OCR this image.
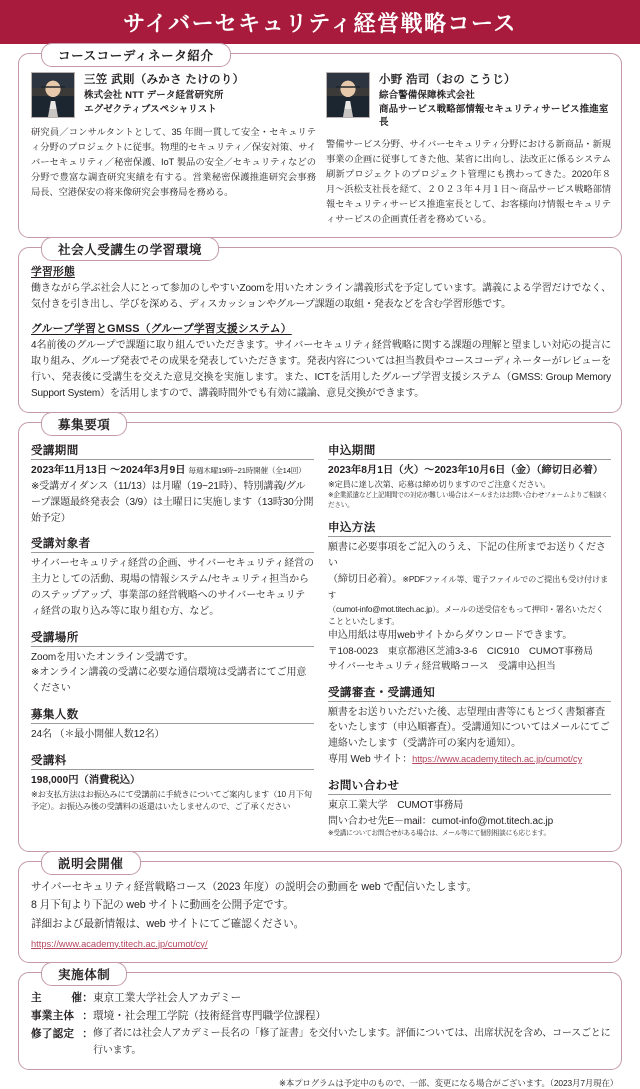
サイバーセキュリティ経営戦略コース
コースコーディネータ紹介
三笠 武則（みかさ たけのり）
株式会社 NTT データ経営研究所
エグゼクティブスペシャリスト
研究員／コンサルタントとして、35 年間一貫して安全・セキュリティ分野のプロジェクトに従事。物理的セキュリティ／保安対策、サイバーセキュリティ／秘密保護、IoT 製品の安全／セキュリティなどの分野で豊富な調査研究実績を有する。営業秘密保護推進研究会事務局長、空港保安の将来像研究会事務局を務める。
小野 浩司（おの こうじ）
綜合警備保障株式会社
商品サービス戦略部情報セキュリティサービス推進室長
警備サービス分野、サイバーセキュリティ分野における新商品・新規事業の企画に従事してきた他、某省に出向し、法改正に係るシステム刷新プロジェクトのプロジェクト管理にも携わってきた。2020年８月〜浜松支社長を経て、２０２３年４月１日〜商品サービス戦略部情報セキュリティサービス推進室長として、お客様向け情報セキュリティサービスの企画責任者を務めている。
社会人受講生の学習環境
学習形態
働きながら学ぶ社会人にとって参加のしやすいZoomを用いたオンライン講義形式を予定しています。講義による学習だけでなく、気付きを引き出し、学びを深める、ディスカッションやグループ課題の取組・発表などを含む学習形態です。
グループ学習とGMSS（グループ学習支援システム）
4名前後のグループで課題に取り組んでいただきます。サイバーセキュリティ経営戦略に関する課題の理解と望ましい対応の提言に取り組み、グループ発表でその成果を発表していただきます。発表内容については担当教員やコースコーディネーターがレビューを行い、発表後に受講生を交えた意見交換を実施します。また、ICTを活用したグループ学習支援システム（GMSS: Group Memory Support System）を活用しますので、講義時間外でも有効に議論、意見交換ができます。
募集要項
受講期間
2023年11月13日 ～2024年3月9日 毎週木曜19時~21時開催（全14回）
※受講ガイダンス（11/13）は月曜（19~21時）、特別講義/グループ課題最終発表会（3/9）は土曜日に実施します（13時30分開始予定）
受講対象者
サイバーセキュリティ経営の企画、サイバーセキュリティ経営の主力としての活動、現場の情報システム/セキュリティ担当からのステップアップ、事業部の経営戦略へのサイバーセキュリティ経営の取り込み等に取り組む方、など。
受講場所
Zoomを用いたオンライン受講です。
※オンライン講義の受講に必要な通信環境は受講者にてご用意ください
募集人数
24名 （＊最小開催人数12名）
受講料
198,000円（消費税込）
※お支払方法はお振込みにて受講前に手続きについてご案内します（10 月下旬予定）。お振込み後の受講料の返還はいたしませんので、ご了承ください
申込期間
2023年8月1日（火）～2023年10月6日（金）（締切日必着）
※定員に達し次第、応募は締め切りますのでご注意ください。
※企業派遣など上記期間での対応が難しい場合はメールまたはお問い合わせフォームよりご相談ください。
申込方法
願書に必要事項をご記入のうえ、下記の住所までお送りください
（締切日必着）。※PDFファイル等、電子ファイルでのご提出も受け付けます
（cumot-info@mot.titech.ac.jp）。メールの送受信をもって押印・署名いただくことといたします。
申込用紙は専用webサイトからダウンロードできます。
〒108-0023　東京都港区芝浦3-3-6　CIC910　CUMOT事務局
サイバーセキュリティ経営戦略コース　受講申込担当
受講審査・受講通知
願書をお送りいただいた後、志望理由書等にもとづく書類審査をいたします（申込順審査）。受講通知についてはメールにてご連絡いたします（受講許可の案内を通知）。
専用 Web サイト：https://www.academy.titech.ac.jp/cumot/cy
お問い合わせ
東京工業大学　CUMOT事務局
問い合わせ先E－mail：cumot-info@mot.titech.ac.jp
※受講についてお問合せがある場合は、メール等にて個別相談にも応じます。
説明会開催
サイバーセキュリティ経営戦略コース（2023 年度）の説明会の動画を web で配信いたします。
8 月下旬より下記の web サイトに動画を公開予定です。
詳細および最新情報は、web サイトにてご確認ください。
https://www.academy.titech.ac.jp/cumot/cy/
実施体制
主	催： 東京工業大学社会人アカデミー
事業主体 ： 環境・社会理工学院（技術経営専門職学位課程）
修了認定 ： 修了者には社会人アカデミー長名の「修了証書」を交付いたします。評価については、出席状況を含め、コースごとに行います。
※本プログラムは予定中のもので、一部、変更になる場合がございます。（2023月7月現在）
